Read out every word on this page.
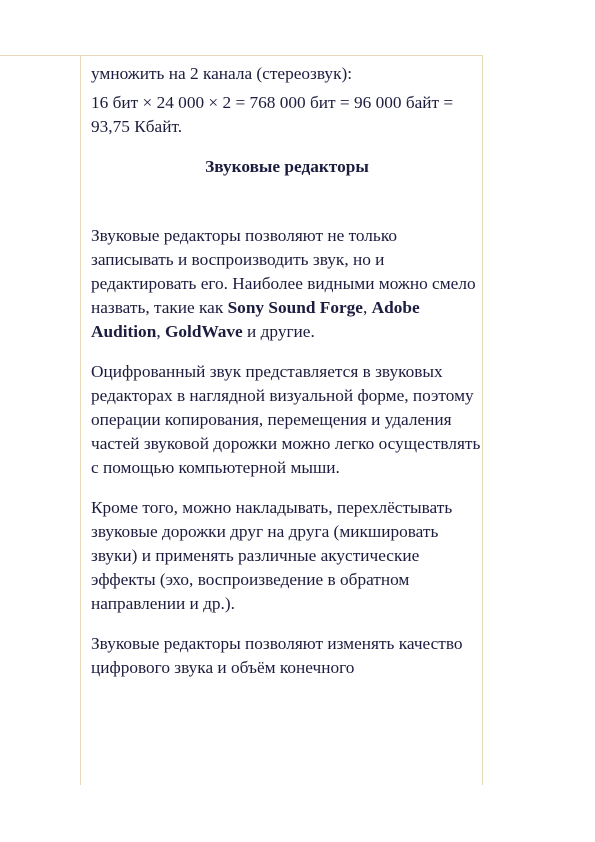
умножить на 2 канала (стереозвук):

16 бит × 24 000 × 2 = 768 000 бит = 96 000 байт = 93,75 Кбайт.

Звуковые редакторы

Звуковые редакторы позволяют не только записывать и воспроизводить звук, но и редактировать его. Наиболее видными можно смело назвать, такие как Sony Sound Forge, Adobe Audition, GoldWave и другие.

Оцифрованный звук представляется в звуковых редакторах в наглядной визуальной форме, поэтому операции копирования, перемещения и удаления частей звуковой дорожки можно легко осуществлять с помощью компьютерной мыши.

Кроме того, можно накладывать, перехлёстывать звуковые дорожки друг на друга (микшировать звуки) и применять различные акустические эффекты (эхо, воспроизведение в обратном направлении и др.).

Звуковые редакторы позволяют изменять качество цифрового звука и объём конечного
